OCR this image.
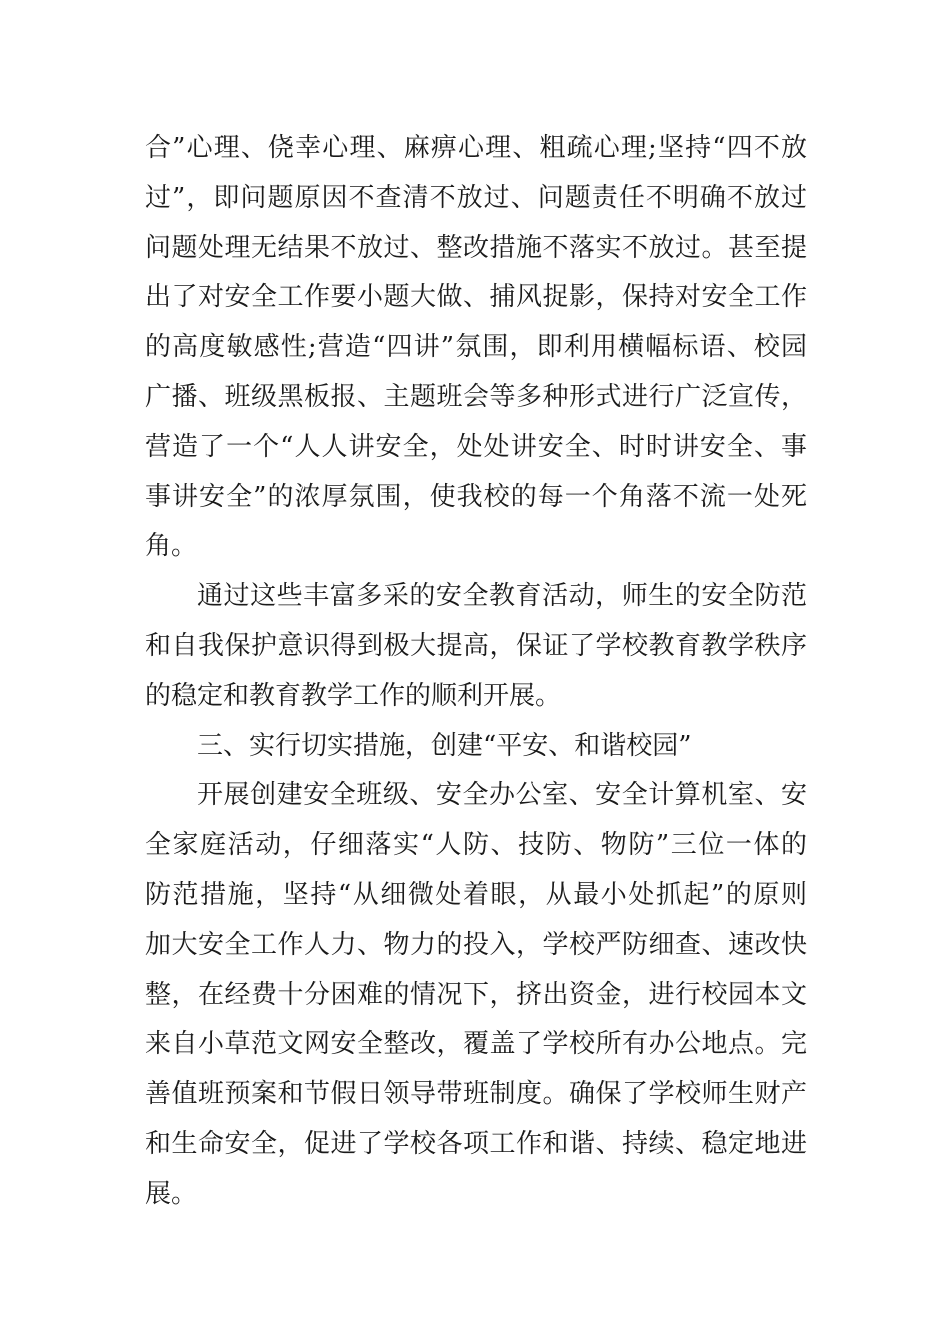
合”心理、侥幸心理、麻痹心理、粗疏心理;坚持“四不放
过”，即问题原因不查清不放过、问题责任不明确不放过
问题处理无结果不放过、整改措施不落实不放过。甚至提
出了对安全工作要小题大做、捕风捉影，保持对安全工作
的高度敏感性;营造“四讲”氛围，即利用横幅标语、校园
广播、班级黑板报、主题班会等多种形式进行广泛宣传，
营造了一个“人人讲安全，处处讲安全、时时讲安全、事
事讲安全”的浓厚氛围，使我校的每一个角落不流一处死
角。

通过这些丰富多采的安全教育活动，师生的安全防范
和自我保护意识得到极大提高，保证了学校教育教学秩序
的稳定和教育教学工作的顺利开展。

三、实行切实措施，创建“平安、和谐校园”

开展创建安全班级、安全办公室、安全计算机室、安
全家庭活动，仔细落实“人防、技防、物防”三位一体的
防范措施，坚持“从细微处着眼，从最小处抓起”的原则
加大安全工作人力、物力的投入，学校严防细查、速改快
整，在经费十分困难的情况下，挤出资金，进行校园本文
来自小草范文网安全整改，覆盖了学校所有办公地点。完
善值班预案和节假日领导带班制度。确保了学校师生财产
和生命安全，促进了学校各项工作和谐、持续、稳定地进
展。
